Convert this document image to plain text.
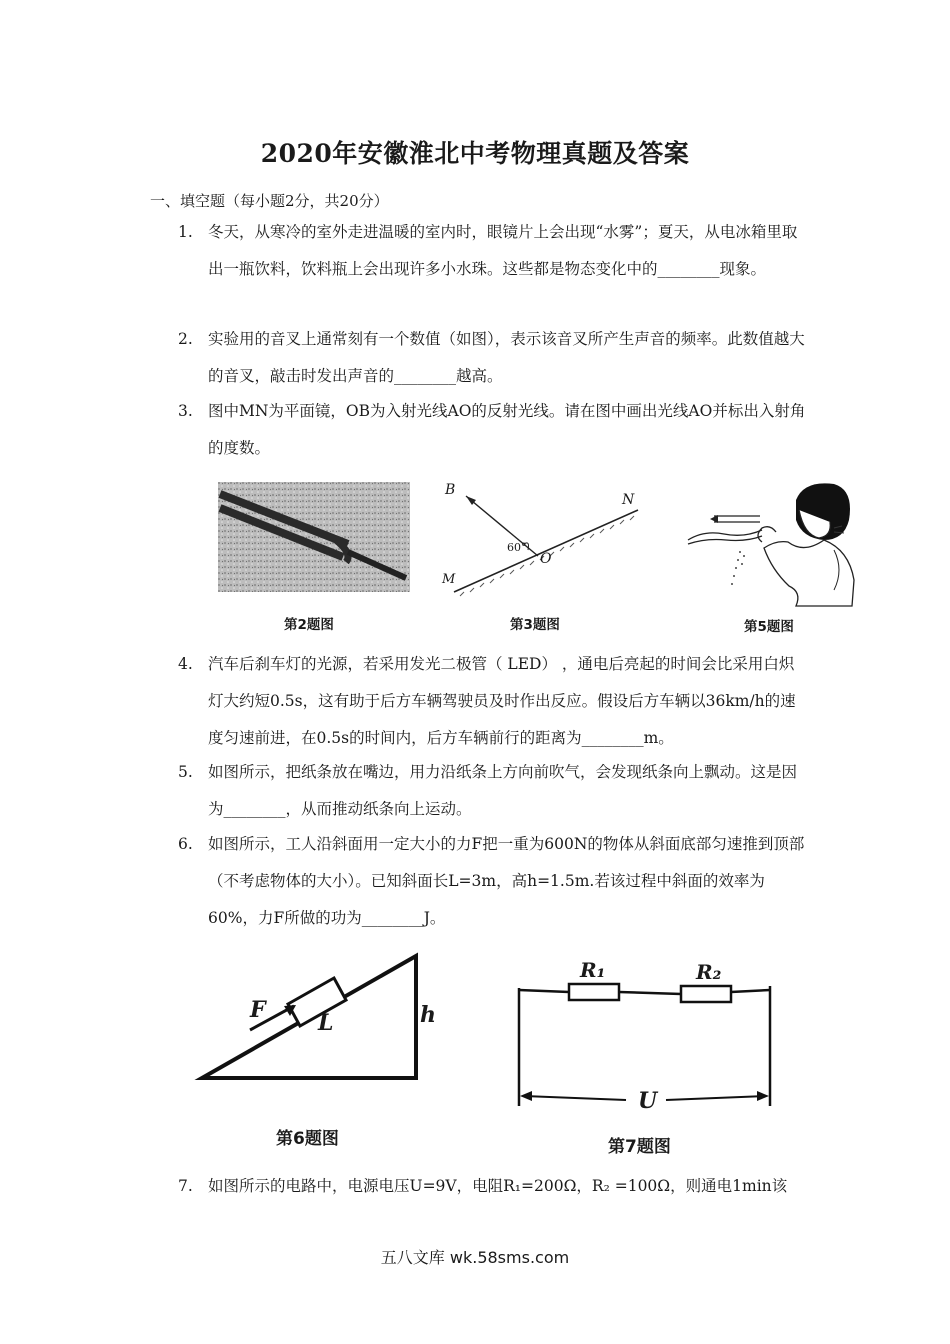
2020年安徽淮北中考物理真题及答案
一、填空题（每小题2分，共20分）
1. 冬天，从寒冷的室外走进温暖的室内时，眼镜片上会出现“水雾”；夏天，从电冰箱里取出一瓶饮料，饮料瓶上会出现许多小水珠。这些都是物态变化中的________现象。
2. 实验用的音叉上通常刻有一个数值（如图），表示该音叉所产生声音的频率。此数值越大的音叉，敲击时发出声音的________越高。
3. 图中MN为平面镜，OB为入射光线AO的反射光线。请在图中画出光线AO并标出入射角的度数。
第2题图
B
N
M
O
60°
第3题图	第5题图
4. 汽车后刹车灯的光源，若采用发光二极管（ LED） ，通电后亮起的时间会比采用白炽灯大约短0.5s，这有助于后方车辆驾驶员及时作出反应。假设后方车辆以36km/h的速度匀速前进，在0.5s的时间内，后方车辆前行的距离为________m。
5. 如图所示，把纸条放在嘴边，用力沿纸条上方向前吹气，会发现纸条向上飘动。这是因为________，从而推动纸条向上运动。
6. 如图所示，工人沿斜面用一定大小的力F把一重为600N的物体从斜面底部匀速推到顶部（不考虑物体的大小）。已知斜面长L=3m，高h=1.5m.若该过程中斜面的效率为60%，力F所做的功为________J。
F L	h
第6题图
R₁	R₂
U
第7题图
7. 如图所示的电路中，电源电压U=9V，电阻R₁=200Ω，R₂ =100Ω，则通电1min该
五八文库 wk.58sms.com
